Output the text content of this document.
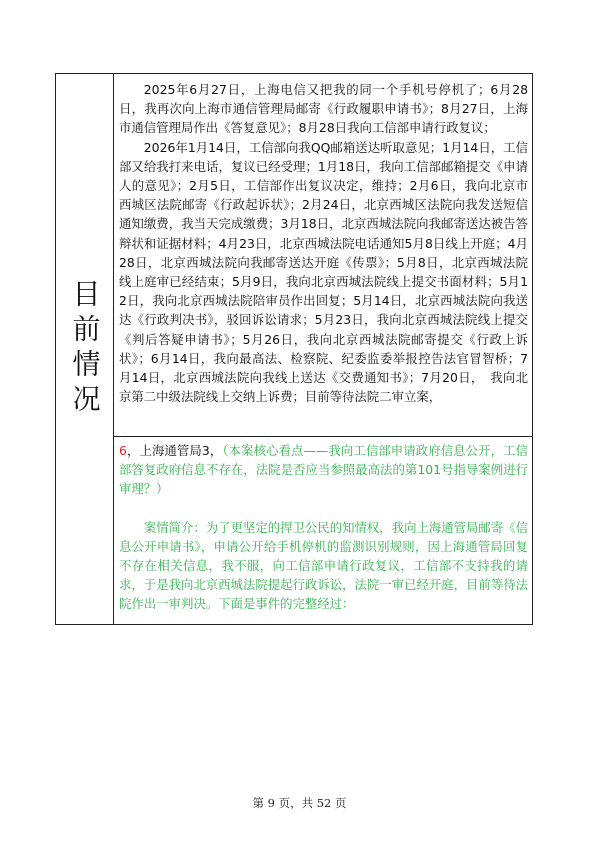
目前情况

2025年6月27日，上海电信又把我的同一个手机号停机了；6月28日，我再次向上海市通信管理局邮寄《行政履职申请书》；8月27日，上海市通信管理局作出《答复意见》；8月28日我向工信部申请行政复议；

2026年1月14日，工信部向我QQ邮箱送达听取意见；1月14日，工信部又给我打来电话，复议已经受理；1月18日，我向工信部邮箱提交《申请人的意见》；2月5日，工信部作出复议决定，维持；2月6日，我向北京市西城区法院邮寄《行政起诉状》；2月24日，北京西城区法院向我发送短信通知缴费，我当天完成缴费；3月18日，北京西城法院向我邮寄送达被告答辩状和证据材料；4月23日，北京西城法院电话通知5月8日线上开庭；4月28日，北京西城法院向我邮寄送达开庭《传票》；5月8日，北京西城法院线上庭审已经结束；5月9日，我向北京西城法院线上提交书面材料；5月12日，我向北京西城法院陪审员作出回复；5月14日，北京西城法院向我送达《行政判决书》，驳回诉讼请求；5月23日，我向北京西城法院线上提交《判后答疑申请书》；5月26日，我向北京西城法院邮寄提交《行政上诉状》；6月14日，我向最高法、检察院、纪委监委举报控告法官冒智桥；7月14日，北京西城法院向我线上送达《交费通知书》；7月20日，　我向北京第二中级法院线上交纳上诉费；目前等待法院二审立案，

6，上海通管局3，（本案核心看点——我向工信部申请政府信息公开，工信部答复政府信息不存在，法院是否应当参照最高法的第101号指导案例进行审理？）

案情简介：为了更坚定的捍卫公民的知情权，我向上海通管局邮寄《信息公开申请书》，申请公开给手机停机的监测识别规则，因上海通管局回复不存在相关信息，我不服，向工信部申请行政复议，工信部不支持我的请求，于是我向北京西城法院提起行政诉讼，法院一审已经开庭，目前等待法院作出一审判决。下面是事件的完整经过：

第 9 页，共 52 页
